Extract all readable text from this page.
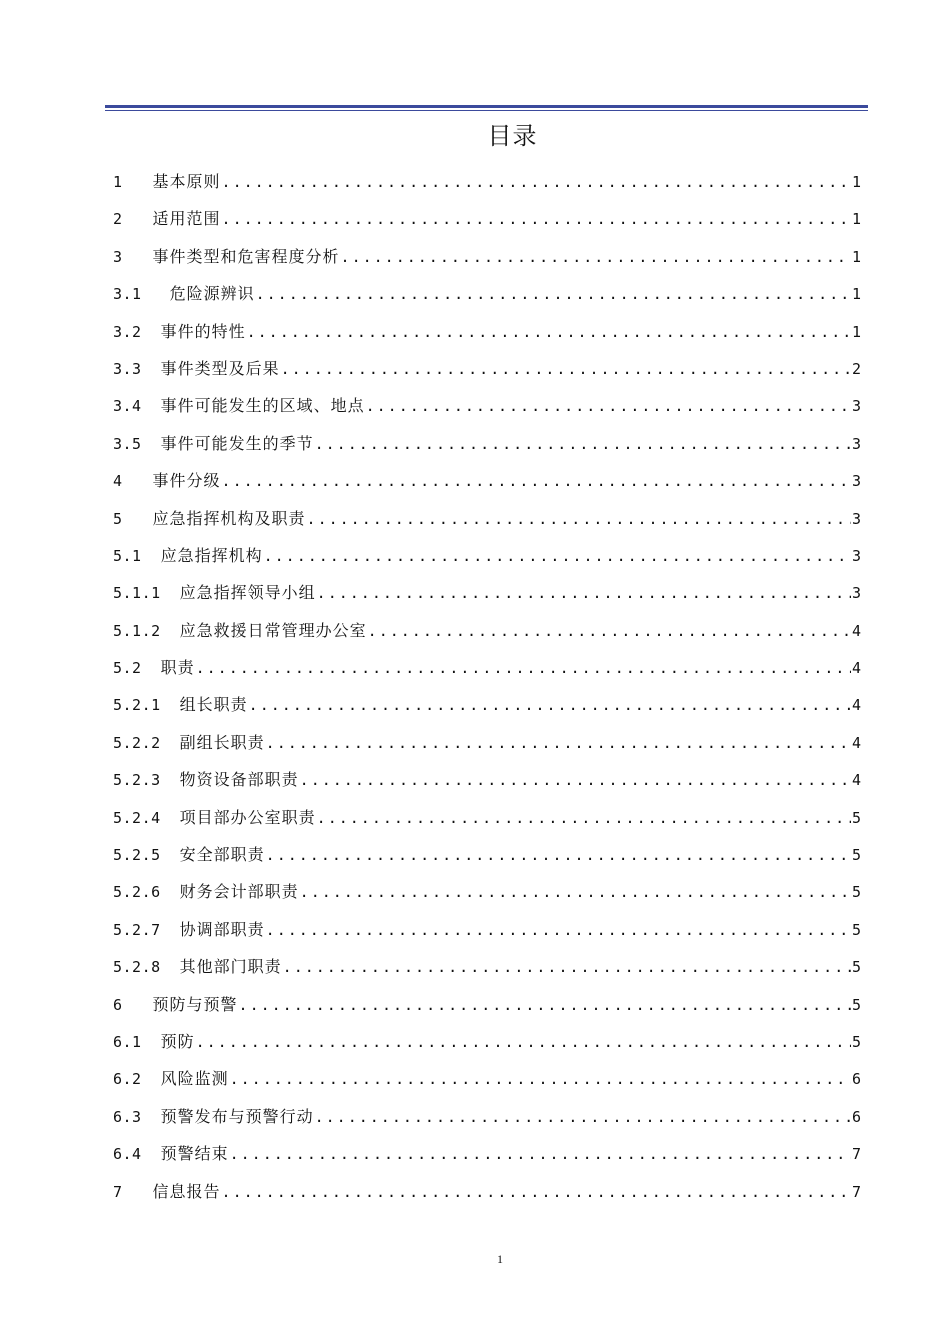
目录
1 基本原则 .....	1
2 适用范围 .....	1
3 事件类型和危害程度分析 .....	1
3.1 危险源辨识 .....	1
3.2 事件的特性 .....	1
3.3 事件类型及后果 .....	2
3.4 事件可能发生的区域、地点 .....	3
3.5 事件可能发生的季节 .....	3
4 事件分级 .....	3
5 应急指挥机构及职责 .....	3
5.1 应急指挥机构 .....	3
5.1.1 应急指挥领导小组 .....	3
5.1.2 应急救援日常管理办公室 .....	4
5.2 职责 .....	4
5.2.1 组长职责 .....	4
5.2.2 副组长职责 .....	4
5.2.3 物资设备部职责 .....	4
5.2.4 项目部办公室职责 .....	5
5.2.5 安全部职责 .....	5
5.2.6 财务会计部职责 .....	5
5.2.7 协调部职责 .....	5
5.2.8 其他部门职责 .....	5
6 预防与预警 .....	5
6.1 预防 .....	5
6.2 风险监测 .....	6
6.3 预警发布与预警行动 .....	6
6.4 预警结束 .....	7
7 信息报告 .....	7
1
